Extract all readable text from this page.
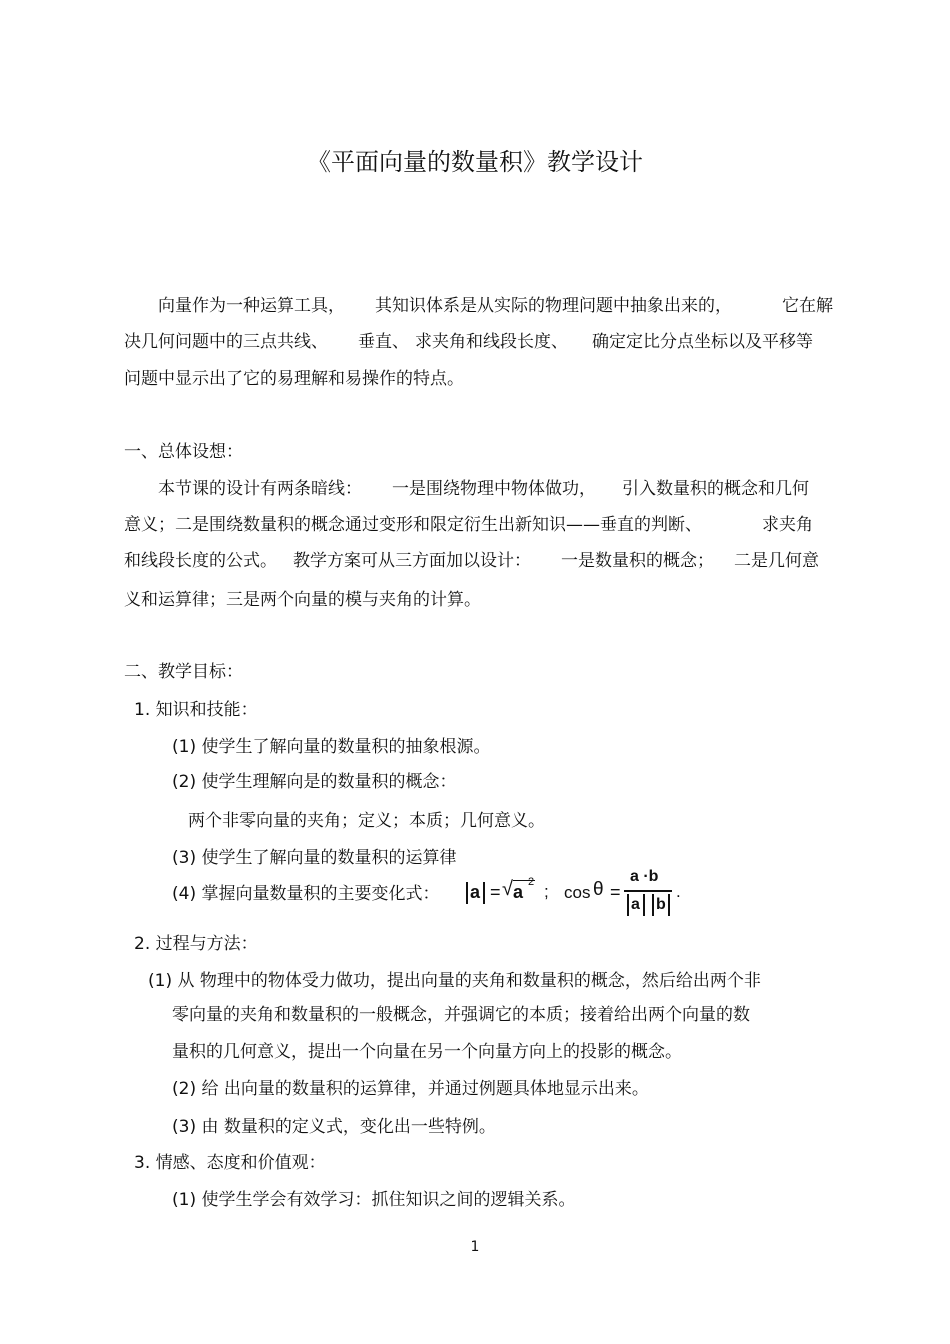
《平面向量的数量积》教学设计
向量作为一种运算工具， 其知识体系是从实际的物理问题中抽象出来的，	它在解
决几何问题中的三点共线、 垂直、 求夹角和线段长度、 确定定比分点坐标以及平移等
问题中显示出了它的易理解和易操作的特点。
一、总体设想：
本节课的设计有两条暗线： 一是围绕物理中物体做功， 引入数量积的概念和几何
意义；二是围绕数量积的概念通过变形和限定衍生出新知识——垂直的判断、	求夹角
和线段长度的公式。 教学方案可从三方面加以设计： 一是数量积的概念； 二是几何意
义和运算律；三是两个向量的模与夹角的计算。
二、教学目标：
1. 知识和技能：
(1) 使学生了解向量的数量积的抽象根源。
(2) 使学生理解向是的数量积的概念：
两个非零向量的夹角；定义；本质；几何意义。
(3) 使学生了解向量的数量积的运算律
(4) 掌握向量数量积的主要变化式： a = √ a 2 ; cos θ =
a ·b
a b
.
2. 过程与方法：
(1) 从 物理中的物体受力做功，提出向量的夹角和数量积的概念，然后给出两个非
零向量的夹角和数量积的一般概念，并强调它的本质；接着给出两个向量的数
量积的几何意义，提出一个向量在另一个向量方向上的投影的概念。
(2) 给 出向量的数量积的运算律，并通过例题具体地显示出来。
(3) 由 数量积的定义式，变化出一些特例。
3. 情感、态度和价值观：
(1) 使学生学会有效学习：抓住知识之间的逻辑关系。
1
